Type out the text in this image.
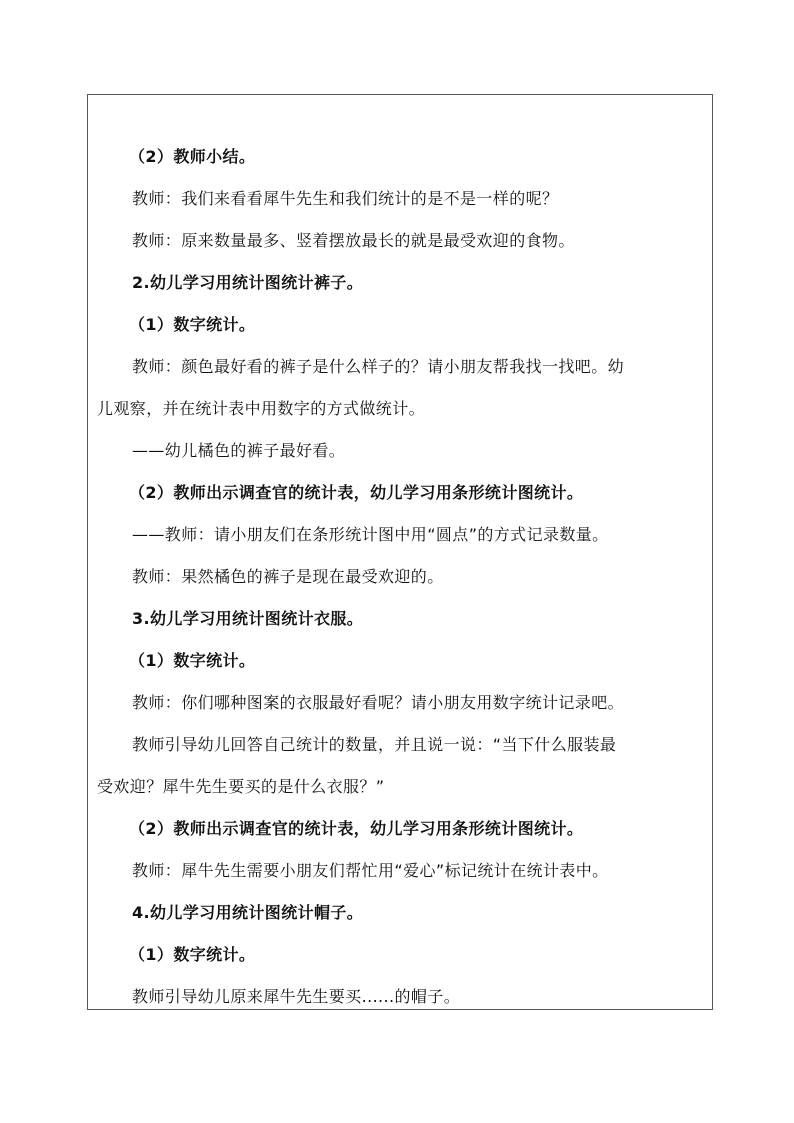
（2）教师小结。
教师：我们来看看犀牛先生和我们统计的是不是一样的呢？
教师：原来数量最多、竖着摆放最长的就是最受欢迎的食物。
2.幼儿学习用统计图统计裤子。
（1）数字统计。
教师：颜色最好看的裤子是什么样子的？请小朋友帮我找一找吧。幼
儿观察，并在统计表中用数字的方式做统计。
——幼儿橘色的裤子最好看。
（2）教师出示调查官的统计表，幼儿学习用条形统计图统计。
——教师：请小朋友们在条形统计图中用“圆点”的方式记录数量。
教师：果然橘色的裤子是现在最受欢迎的。
3.幼儿学习用统计图统计衣服。
（1）数字统计。
教师：你们哪种图案的衣服最好看呢？请小朋友用数字统计记录吧。
教师引导幼儿回答自己统计的数量，并且说一说：“当下什么服装最
受欢迎？犀牛先生要买的是什么衣服？”
（2）教师出示调查官的统计表，幼儿学习用条形统计图统计。
教师：犀牛先生需要小朋友们帮忙用“爱心”标记统计在统计表中。
4.幼儿学习用统计图统计帽子。
（1）数字统计。
教师引导幼儿原来犀牛先生要买......的帽子。
